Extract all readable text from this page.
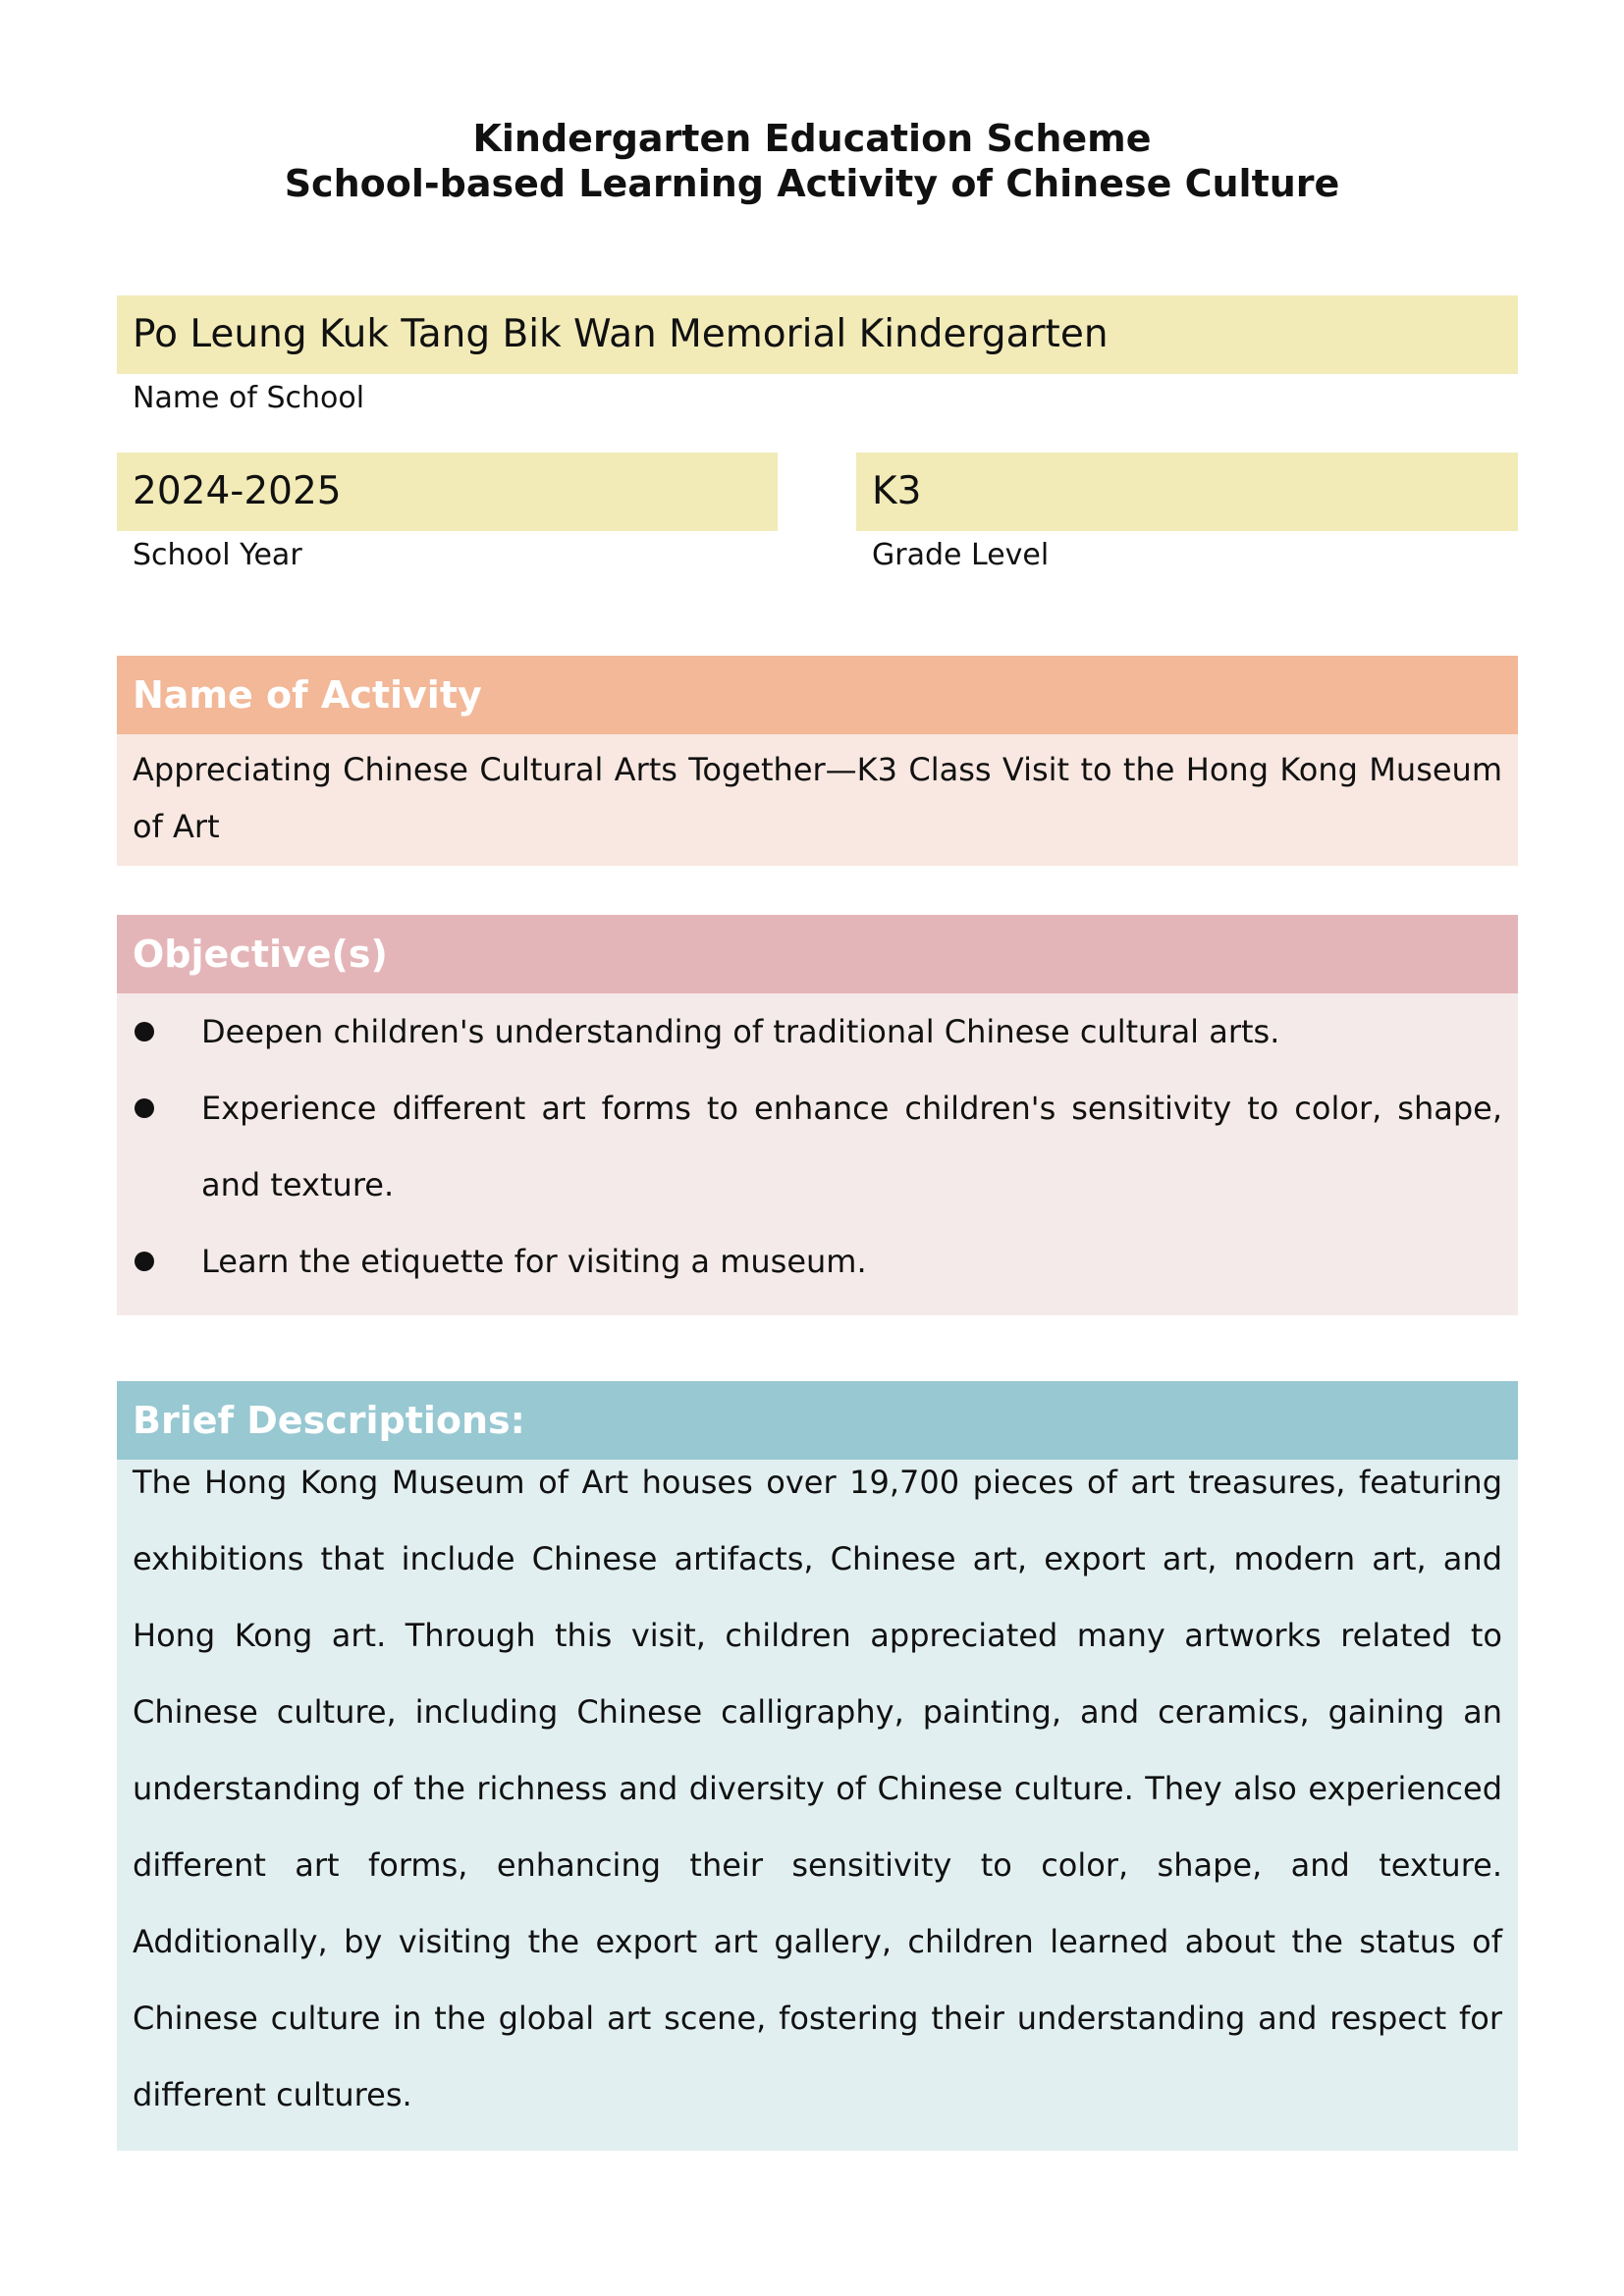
Kindergarten Education Scheme
School-based Learning Activity of Chinese Culture
Po Leung Kuk Tang Bik Wan Memorial Kindergarten
Name of School
2024-2025
School Year
K3
Grade Level
Name of Activity
Appreciating Chinese Cultural Arts Together—K3 Class Visit to the Hong Kong Museum of Art
Objective(s)
Deepen children's understanding of traditional Chinese cultural arts.
Experience different art forms to enhance children's sensitivity to color, shape, and texture.
Learn the etiquette for visiting a museum.
Brief Descriptions:
The Hong Kong Museum of Art houses over 19,700 pieces of art treasures, featuring exhibitions that include Chinese artifacts, Chinese art, export art, modern art, and Hong Kong art. Through this visit, children appreciated many artworks related to Chinese culture, including Chinese calligraphy, painting, and ceramics, gaining an understanding of the richness and diversity of Chinese culture. They also experienced different art forms, enhancing their sensitivity to color, shape, and texture. Additionally, by visiting the export art gallery, children learned about the status of Chinese culture in the global art scene, fostering their understanding and respect for different cultures.
